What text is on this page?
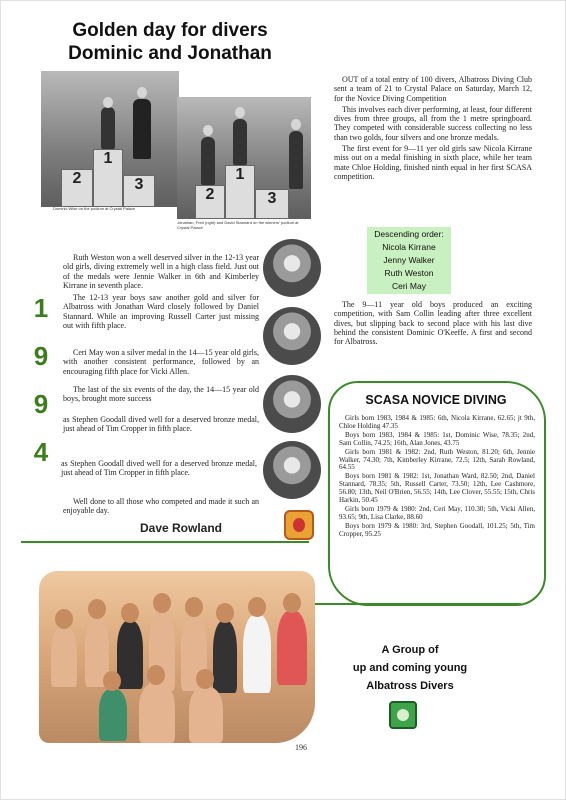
Golden day for divers
Dominic and Jonathan
1
2	3
Dominic Wise on the podium at Crystal Palace
1
2	3
Jonathan, Fred (right) and David Stannard on the winners' podium at Crystal Palace

OUT of a total entry of 100 divers, Albatross Diving Club sent a team of 21 to Crystal Palace on Saturday, March 12, for the Novice Diving Competition

This involves each diver performing, at least, four different dives from three groups, all from the 1 metre springboard. They competed with considerable success collecting no less than two golds, four silvers and one bronze medals.

The first event for 9—11 yer old girls saw Nicola Kirrane miss out on a medal finishing in sixth place, while her team mate Chloe Holding, finished ninth equal in her first SCASA competition.

Descending order:
Nicola Kirrane
Jenny Walker
Ruth Weston
Ceri May
The 9—11 year old boys produced an exciting competition, with Sam Collin leading after three excellent dives, but slipping back to second place with his last dive behind the consistent Dominic O'Keeffe. A first and second for Albatross.
1
9
9
4
Ruth Weston won a well deserved silver in the 12-13 year old girls, diving extremely well in a high class field. Just out of the medals were Jennie Walker in 6th and Kimberley Kirrane in seventh place.
The 12-13 year boys saw another gold and silver for Albatross with Jonathan Ward closely followed by Daniel Stannard. While an improving Russell Carter just missing out with fifth place.
Ceri May won a silver medal in the 14—15 year old girls, with another consistent performance, followed by an encouraging fifth place for Vicki Allen.
The last of the six events of the day, the 14—15 year old boys, brought more success
as Stephen Goodall dived well for a deserved bronze medal, just ahead of Tim Cropper in fifth place.
as Stephen Goodall dived well for a deserved bronze medal, just ahead of Tim Cropper in fifth place.
Well done to all those who competed and made it such an enjoyable day.
Dave Rowland
SCASA NOVICE DIVING

Girls born 1983, 1984 & 1985: 6th, Nicola Kirrane, 62.65; jt 9th, Chloe Holding 47.35

Boys born 1983, 1984 & 1985: 1st, Dominic Wise, 78.35; 2nd, Sam Collin, 74.25; 16th, Alan Jones, 43.75

Girls born 1981 & 1982: 2nd, Ruth Weston, 81.20; 6th, Jennie Walker, 74.30; 7th, Kimberley Kirrane, 72.5; 12th, Sarah Rowland, 64.55

Boys born 1981 & 1982: 1st, Jonathan Ward, 82.50; 2nd, Daniel Stannard, 78.35; 5th, Russell Carter, 73.50; 12th, Lee Cashmore, 56.80; 13th, Neil O'Brien, 56.55; 14th, Lee Clover, 55.55; 15th, Chris Harkin, 50.45

Girls born 1979 & 1980: 2nd, Ceri May, 110.30; 5th, Vicki Allen, 93.65; 9th, Lisa Clarke, 88.60

Boys born 1979 & 1980: 3rd, Stephen Goodall, 101.25; 5th, Tim Cropper, 95.25

A Group of
up and coming young
Albatross Divers
196
